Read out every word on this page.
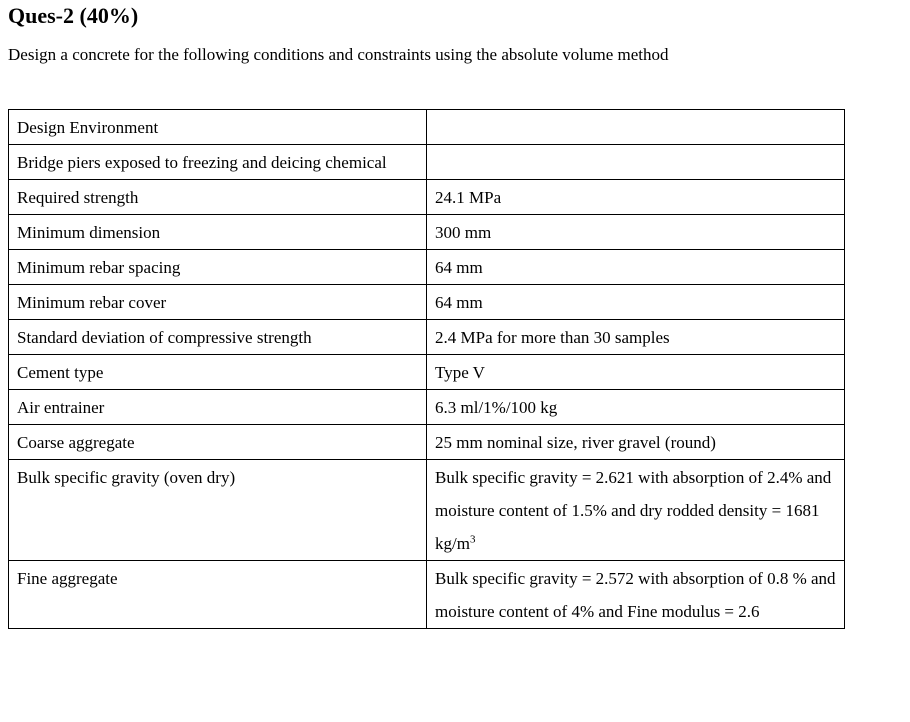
Ques-2 (40%)

Design a concrete for the following conditions and constraints using the absolute volume method

Design Environment	
Bridge piers exposed to freezing and deicing chemical	
Required strength	24.1 MPa
Minimum dimension	300 mm
Minimum rebar spacing	64 mm
Minimum rebar cover	64 mm
Standard deviation of compressive strength	2.4 MPa for more than 30 samples
Cement type	Type V
Air entrainer	6.3 ml/1%/100 kg
Coarse aggregate	25 mm nominal size, river gravel (round)
Bulk specific gravity (oven dry)	Bulk specific gravity = 2.621 with absorption of 2.4% and moisture content of 1.5% and dry rodded density = 1681 $kg/m^3$
Fine aggregate	Bulk specific gravity = 2.572 with absorption of 0.8 % and moisture content of 4% and Fine modulus = 2.6
